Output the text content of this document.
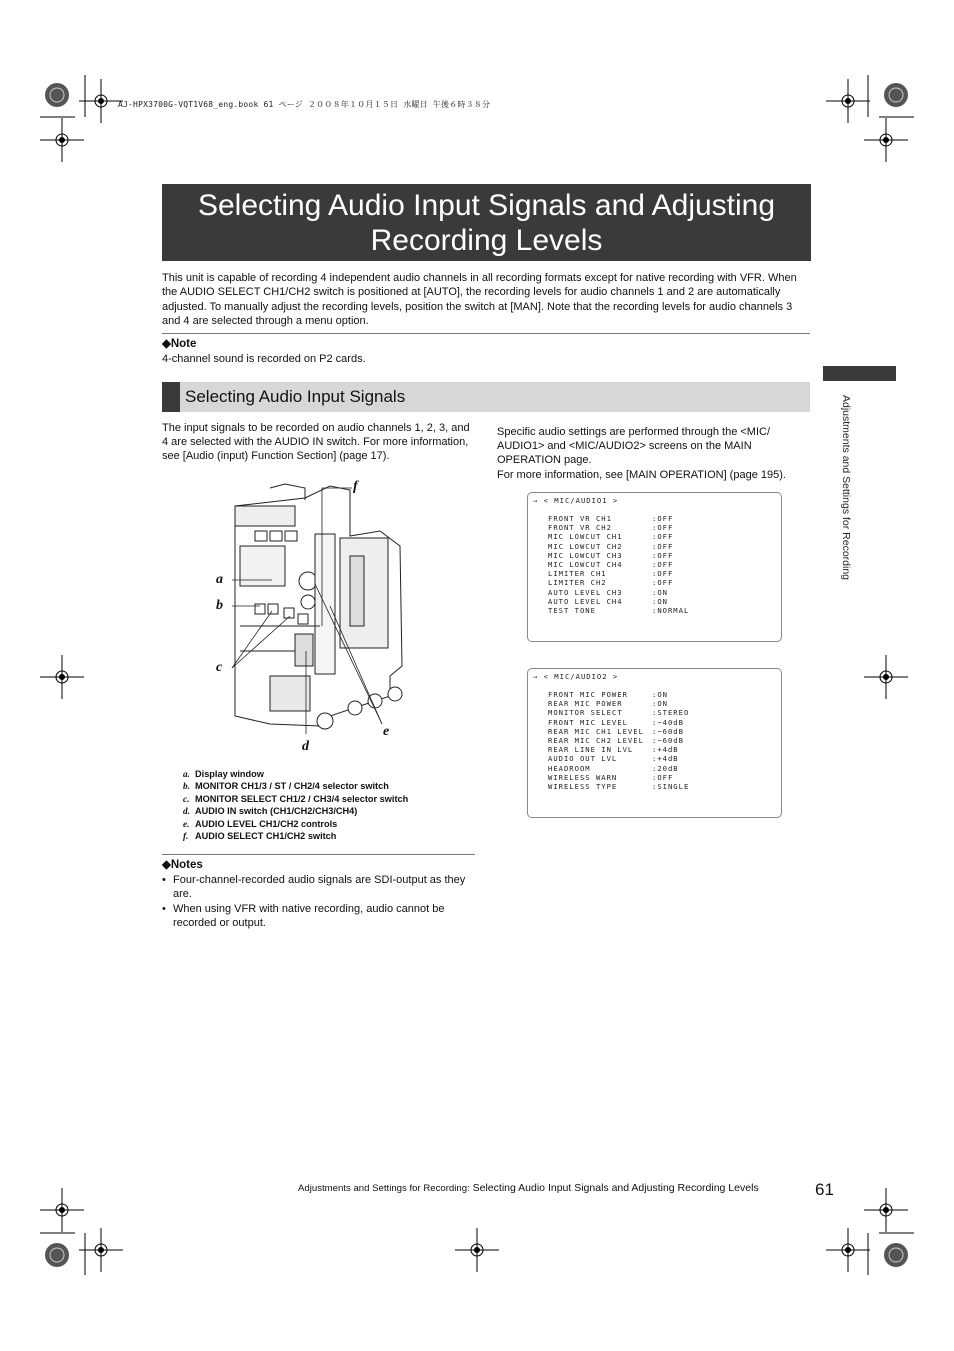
AJ-HPX3700G-VQT1V68_eng.book 61 ページ ２００８年１０月１５日 水曜日 午後６時３８分
Selecting Audio Input Signals and Adjusting Recording Levels
This unit is capable of recording 4 independent audio channels in all recording formats except for native recording with VFR. When the AUDIO SELECT CH1/CH2 switch is positioned at [AUTO], the recording levels for audio channels 1 and 2 are automatically adjusted. To manually adjust the recording levels, position the switch at [MAN]. Note that the recording levels for audio channels 3 and 4 are selected through a menu option.
◆Note
4-channel sound is recorded on P2 cards.
Selecting Audio Input Signals	Adjustments and Settings for Recording
The input signals to be recorded on audio channels 1, 2, 3, and 4 are selected with the AUDIO IN switch. For more information, see [Audio (input) Function Section] (page 17).
a
b
c
d
e
f
a. Display window
b. MONITOR CH1/3 / ST / CH2/4 selector switch
c. MONITOR SELECT CH1/2 / CH3/4 selector switch
d. AUDIO IN switch (CH1/CH2/CH3/CH4)
e. AUDIO LEVEL CH1/CH2 controls
f. AUDIO SELECT CH1/CH2 switch
◆Notes
• Four-channel-recorded audio signals are SDI-output as they are.
• When using VFR with native recording, audio cannot be recorded or output.
Specific audio settings are performed through the <MIC/ AUDIO1> and <MIC/AUDIO2> screens on the MAIN OPERATION page.
For more information, see [MAIN OPERATION] (page 195).
→ < MIC/AUDIO1 >
FRONT VR CH1	:OFF
FRONT VR CH2	:OFF
MIC LOWCUT CH1	:OFF
MIC LOWCUT CH2	:OFF
MIC LOWCUT CH3	:OFF
MIC LOWCUT CH4	:OFF
LIMITER CH1	:OFF
LIMITER CH2	:OFF
AUTO LEVEL CH3	:ON
AUTO LEVEL CH4	:ON
TEST TONE	:NORMAL
→ < MIC/AUDIO2 >
FRONT MIC POWER	:ON
REAR MIC POWER	:ON
MONITOR SELECT	:STEREO
FRONT MIC LEVEL	:−40dB
REAR MIC CH1 LEVEL :−60dB
REAR MIC CH2 LEVEL :−60dB
REAR LINE IN LVL	:+4dB
AUDIO OUT LVL	:+4dB
HEADROOM	:20dB
WIRELESS WARN	:OFF
WIRELESS TYPE	:SINGLE
Adjustments and Settings for Recording: Selecting Audio Input Signals and Adjusting Recording Levels	61
